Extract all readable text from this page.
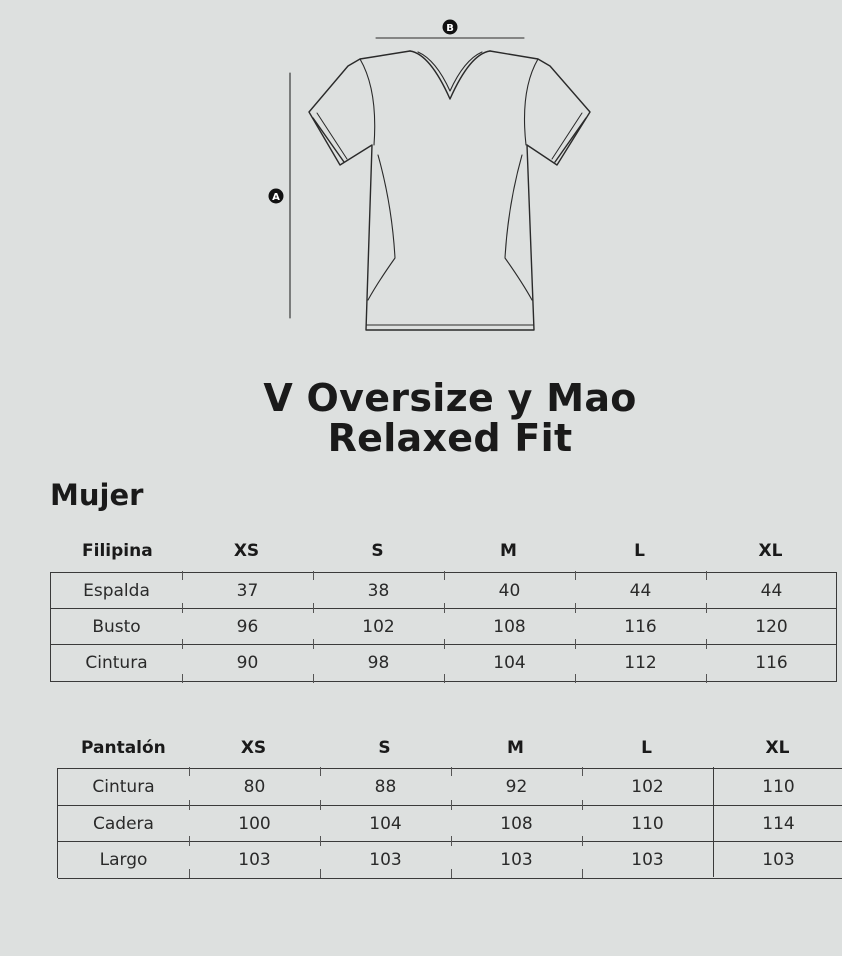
B
A
V Oversize y Mao
Relaxed Fit
Mujer
Filipina	XS	S	M	L	XL
Espalda	37	38	40	44	44
Busto	96	102	108	116	120
Cintura	90	98	104	112	116
Pantalón	XS	S	M	L	XL
Cintura	80	88	92	102	110
Cadera	100	104	108	110	114
Largo	103	103	103	103	103
